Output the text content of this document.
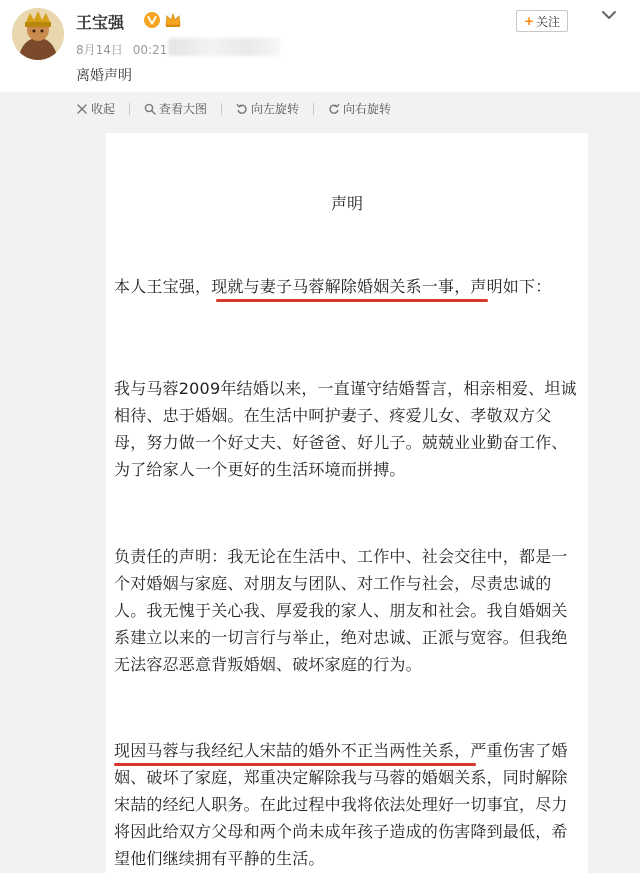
王宝强
8月14日 00:21
离婚声明
+ 关注
收起	查看大图	向左旋转	向右旋转
声明
本人王宝强，现就与妻子马蓉解除婚姻关系一事，声明如下：
我与马蓉2009年结婚以来，一直谨守结婚誓言，相亲相爱、坦诚相待、忠于婚姻。在生活中呵护妻子、疼爱儿女、孝敬双方父母，努力做一个好丈夫、好爸爸、好儿子。兢兢业业勤奋工作、为了给家人一个更好的生活环境而拼搏。
负责任的声明：我无论在生活中、工作中、社会交往中，都是一个对婚姻与家庭、对朋友与团队、对工作与社会，尽责忠诚的人。我无愧于关心我、厚爱我的家人、朋友和社会。我自婚姻关系建立以来的一切言行与举止，绝对忠诚、正派与宽容。但我绝无法容忍恶意背叛婚姻、破坏家庭的行为。
现因马蓉与我经纪人宋喆的婚外不正当两性关系，严重伤害了婚姻、破坏了家庭，郑重决定解除我与马蓉的婚姻关系，同时解除宋喆的经纪人职务。在此过程中我将依法处理好一切事宜，尽力将因此给双方父母和两个尚未成年孩子造成的伤害降到最低，希望他们继续拥有平静的生活。
